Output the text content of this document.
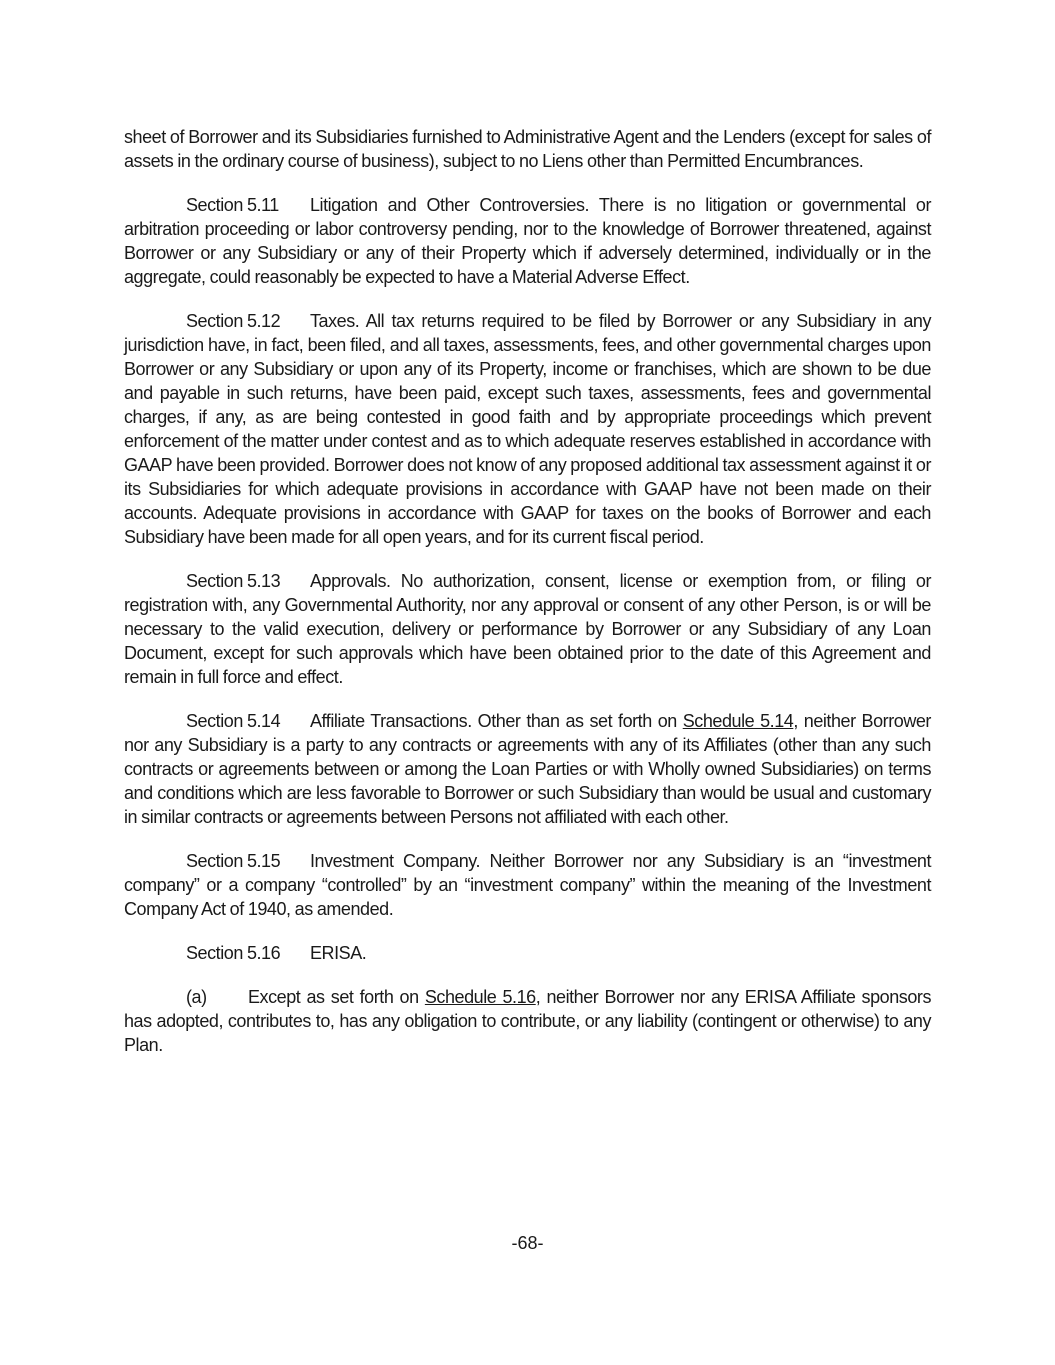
sheet of Borrower and its Subsidiaries furnished to Administrative Agent and the Lenders (except for sales of assets in the ordinary course of business), subject to no Liens other than Permitted Encumbrances.

Section 5.11 Litigation and Other Controversies. There is no litigation or governmental or arbitration proceeding or labor controversy pending, nor to the knowledge of Borrower threatened, against Borrower or any Subsidiary or any of their Property which if adversely determined, individually or in the aggregate, could reasonably be expected to have a Material Adverse Effect.

Section 5.12 Taxes. All tax returns required to be filed by Borrower or any Subsidiary in any jurisdiction have, in fact, been filed, and all taxes, assessments, fees, and other governmental charges upon Borrower or any Subsidiary or upon any of its Property, income or franchises, which are shown to be due and payable in such returns, have been paid, except such taxes, assessments, fees and governmental charges, if any, as are being contested in good faith and by appropriate proceedings which prevent enforcement of the matter under contest and as to which adequate reserves established in accordance with GAAP have been provided. Borrower does not know of any proposed additional tax assessment against it or its Subsidiaries for which adequate provisions in accordance with GAAP have not been made on their accounts. Adequate provisions in accordance with GAAP for taxes on the books of Borrower and each Subsidiary have been made for all open years, and for its current fiscal period.

Section 5.13 Approvals. No authorization, consent, license or exemption from, or filing or registration with, any Governmental Authority, nor any approval or consent of any other Person, is or will be necessary to the valid execution, delivery or performance by Borrower or any Subsidiary of any Loan Document, except for such approvals which have been obtained prior to the date of this Agreement and remain in full force and effect.

Section 5.14 Affiliate Transactions. Other than as set forth on Schedule 5.14, neither Borrower nor any Subsidiary is a party to any contracts or agreements with any of its Affiliates (other than any such contracts or agreements between or among the Loan Parties or with Wholly owned Subsidiaries) on terms and conditions which are less favorable to Borrower or such Subsidiary than would be usual and customary in similar contracts or agreements between Persons not affiliated with each other.

Section 5.15 Investment Company. Neither Borrower nor any Subsidiary is an “investment company” or a company “controlled” by an “investment company” within the meaning of the Investment Company Act of 1940, as amended.

Section 5.16 ERISA.

(a) Except as set forth on Schedule 5.16, neither Borrower nor any ERISA Affiliate sponsors has adopted, contributes to, has any obligation to contribute, or any liability (contingent or otherwise) to any Plan.

-68-
